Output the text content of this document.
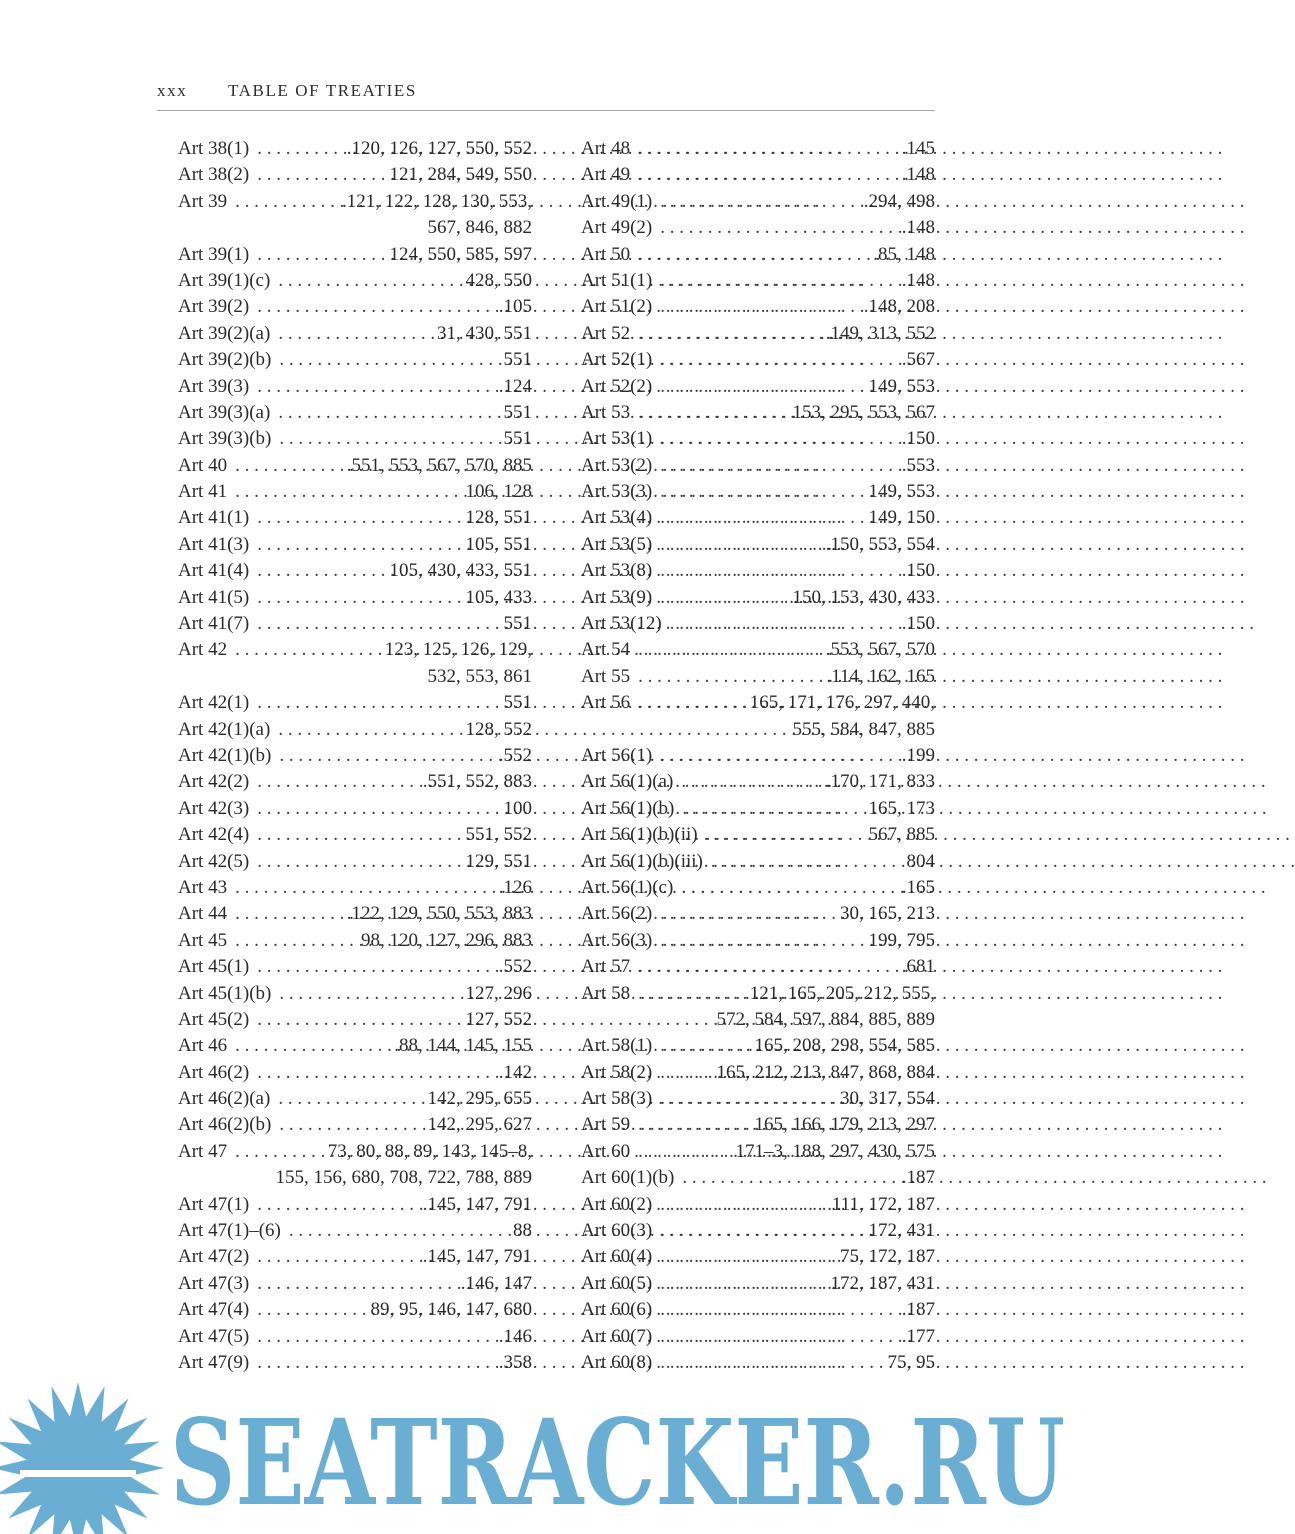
xxx TABLE OF TREATIES
Art 38(1) . . .	.120, 126, 127, 550, 552
Art 38(2) . . .	121, 284, 549, 550
Art 39 . . .	.121, 122, 128, 130, 553,
567, 846, 882
Art 39(1) . . .	124, 550, 585, 597
Art 39(1)(c) . . .	428, 550
Art 39(2) . . .	.105
Art 39(2)(a) . . .	31, 430, 551
Art 39(2)(b) . . .	551
Art 39(3) . . .	.124
Art 39(3)(a) . . .	551
Art 39(3)(b) . . .	551
Art 40 . . .	.551, 553, 567, 570, 885
Art 41 . . .	106, 128
Art 41(1) . . .	128, 551
Art 41(3) . . .	105, 551
Art 41(4) . . .	105, 430, 433, 551
Art 41(5) . . .	105, 433
Art 41(7) . . .	551
Art 42 . . .	123, 125, 126, 129,
532, 553, 861
Art 42(1) . . .	551
Art 42(1)(a) . . .	128, 552
Art 42(1)(b) . . .	.552
Art 42(2) . . .	.551, 552, 883
Art 42(3) . . .	100
Art 42(4) . . .	551, 552
Art 42(5) . . .	129, 551
Art 43 . . .	.126
Art 44 . . .	.122, 129, 550, 553, 883
Art 45 . . .	98, 120, 127, 296, 883
Art 45(1) . . .	.552
Art 45(1)(b) . . .	127, 296
Art 45(2) . . .	127, 552
Art 46 . . .	.88, 144, 145, 155
Art 46(2) . . .	.142
Art 46(2)(a) . . .	142, 295, 655
Art 46(2)(b) . . .	142, 295, 627
Art 47 . . .	73, 80, 88, 89, 143, 145–8,
155, 156, 680, 708, 722, 788, 889
Art 47(1) . . .	.145, 147, 791
Art 47(1)–(6) . . .	88
Art 47(2) . . .	.145, 147, 791
Art 47(3) . . .	.146, 147
Art 47(4) . . .	89, 95, 146, 147, 680
Art 47(5) . . .	.146
Art 47(9) . . .	.358
Art 48 . . .	.145
Art 49 . . .	.148
Art 49(1) . . .	.294, 498
Art 49(2) . . .	.148
Art 50 . . .	.85, 148
Art 51(1) . . .	.148
Art 51(2) . . .	.148, 208
Art 52 . . .	.149, 313, 552
Art 52(1) . . .	.567
Art 52(2) . . .	149, 553
Art 53 . . .	153, 295, 553, 567
Art 53(1) . . .	.150
Art 53(2) . . .	.553
Art 53(3) . . .	149, 553
Art 53(4) . . .	149, 150
Art 53(5) . . .	.150, 553, 554
Art 53(8) . . .	.150
Art 53(9) . . .	150, 153, 430, 433
Art 53(12) . . .	.150
Art 54 . . .	.553, 567, 570
Art 55 . . .	.114, 162, 165
Art 56 . . .	165, 171, 176, 297, 440,
555, 584, 847, 885
Art 56(1) . . .	.199
Art 56(1)(a) . . .	.170, 171, 833
Art 56(1)(b) . . .	165, 173
Art 56(1)(b)(ii) . . .	567, 885
Art 56(1)(b)(iii) . . .	804
Art 56(1)(c) . . .	.165
Art 56(2) . . .	30, 165, 213
Art 56(3) . . .	199, 795
Art 57 . . .	.681
Art 58 . . .	121, 165, 205, 212, 555,
572, 584, 597, 884, 885, 889
Art 58(1) . . .	165, 208, 298, 554, 585
Art 58(2) . . .	165, 212, 213, 847, 868, 884
Art 58(3) . . .	30, 317, 554
Art 59 . . .	165, 166, 179, 213, 297
Art 60 . . .	171–3, 188, 297, 430, 575
Art 60(1)(b) . . .	.187
Art 60(2) . . .	111, 172, 187
Art 60(3) . . .	172, 431
Art 60(4) . . .	75, 172, 187
Art 60(5) . . .	172, 187, 431
Art 60(6) . . .	.187
Art 60(7) . . .	.177
Art 60(8) . . .	75, 95
SEATRACKER.RU
